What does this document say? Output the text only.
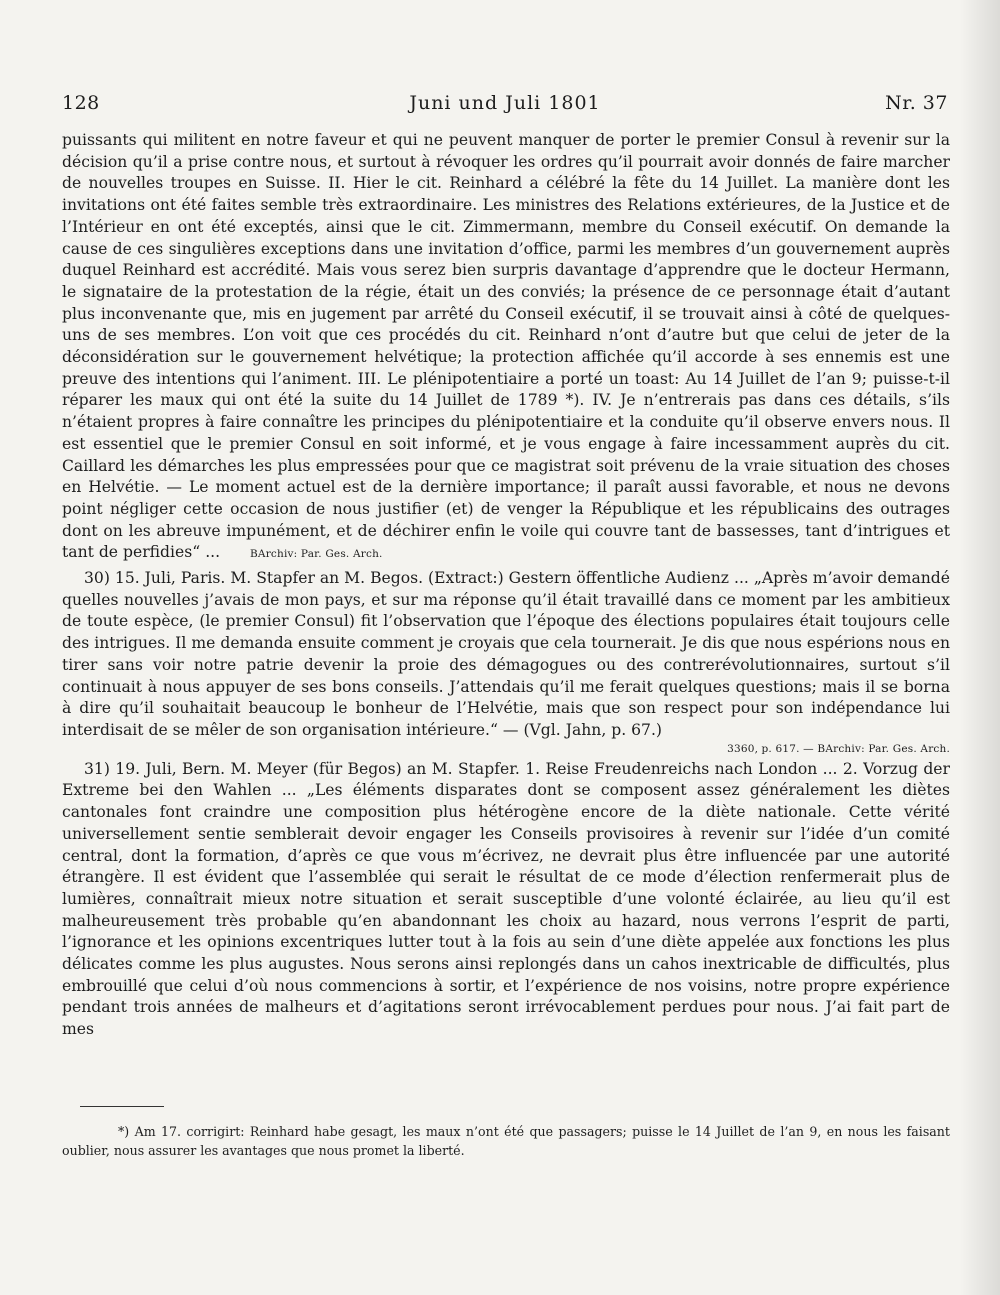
128	Juni und Juli 1801	Nr. 37

puissants qui militent en notre faveur et qui ne peuvent manquer de porter le premier Consul à revenir sur la décision qu’il a prise contre nous, et surtout à révoquer les ordres qu’il pourrait avoir donnés de faire marcher de nouvelles troupes en Suisse. II. Hier le cit. Reinhard a célébré la fête du 14 Juillet. La manière dont les invitations ont été faites semble très extraordinaire. Les ministres des Relations extérieures, de la Justice et de l’Intérieur en ont été exceptés, ainsi que le cit. Zimmermann, membre du Conseil exécutif. On demande la cause de ces singulières exceptions dans une invitation d’office, parmi les membres d’un gouvernement auprès duquel Reinhard est accrédité. Mais vous serez bien surpris davantage d’apprendre que le docteur Hermann, le signataire de la protestation de la régie, était un des conviés; la présence de ce personnage était d’autant plus inconvenante que, mis en jugement par arrêté du Conseil exécutif, il se trouvait ainsi à côté de quelques-uns de ses membres. L’on voit que ces procédés du cit. Reinhard n’ont d’autre but que celui de jeter de la déconsidération sur le gouvernement helvétique; la protection affichée qu’il accorde à ses ennemis est une preuve des intentions qui l’animent. III. Le plénipotentiaire a porté un toast: Au 14 Juillet de l’an 9; puisse-t-il réparer les maux qui ont été la suite du 14 Juillet de 1789 *). IV. Je n’entrerais pas dans ces détails, s’ils n’étaient propres à faire connaître les principes du plénipotentiaire et la conduite qu’il observe envers nous. Il est essentiel que le premier Consul en soit informé, et je vous engage à faire incessamment auprès du cit. Caillard les démarches les plus empressées pour que ce magistrat soit prévenu de la vraie situation des choses en Helvétie. — Le moment actuel est de la dernière importance; il paraît aussi favorable, et nous ne devons point négliger cette occasion de nous justifier (et) de venger la République et les républicains des outrages dont on les abreuve impunément, et de déchirer enfin le voile qui couvre tant de bassesses, tant d’intrigues et tant de perfidies“ ...	BArchiv: Par. Ges. Arch.

30) 15. Juli, Paris. M. Stapfer an M. Begos. (Extract:) Gestern öffentliche Audienz ... „Après m’avoir demandé quelles nouvelles j’avais de mon pays, et sur ma réponse qu’il était travaillé dans ce moment par les ambitieux de toute espèce, (le premier Consul) fit l’observation que l’époque des élections populaires était toujours celle des intrigues. Il me demanda ensuite comment je croyais que cela tournerait. Je dis que nous espérions nous en tirer sans voir notre patrie devenir la proie des démagogues ou des contrerévolutionnaires, surtout s’il continuait à nous appuyer de ses bons conseils. J’attendais qu’il me ferait quelques questions; mais il se borna à dire qu’il souhaitait beaucoup le bonheur de l’Helvétie, mais que son respect pour son indépendance lui interdisait de se mêler de son organisation intérieure.“ — (Vgl. Jahn, p. 67.)

3360, p. 617. — BArchiv: Par. Ges. Arch.

31) 19. Juli, Bern. M. Meyer (für Begos) an M. Stapfer. 1. Reise Freudenreichs nach London ... 2. Vorzug der Extreme bei den Wahlen ... „Les éléments disparates dont se composent assez généralement les diètes cantonales font craindre une composition plus hétérogène encore de la diète nationale. Cette vérité universellement sentie semblerait devoir engager les Conseils provisoires à revenir sur l’idée d’un comité central, dont la formation, d’après ce que vous m’écrivez, ne devrait plus être influencée par une autorité étrangère. Il est évident que l’assemblée qui serait le résultat de ce mode d’élection renfermerait plus de lumières, connaîtrait mieux notre situation et serait susceptible d’une volonté éclairée, au lieu qu’il est malheureusement très probable qu’en abandonnant les choix au hazard, nous verrons l’esprit de parti, l’ignorance et les opinions excentriques lutter tout à la fois au sein d’une diète appelée aux fonctions les plus délicates comme les plus augustes. Nous serons ainsi replongés dans un cahos inextricable de difficultés, plus embrouillé que celui d’où nous commencions à sortir, et l’expérience de nos voisins, notre propre expérience pendant trois années de malheurs et d’agitations seront irrévocablement perdues pour nous. J’ai fait part de mes

*) Am 17. corrigirt: Reinhard habe gesagt, les maux n’ont été que passagers; puisse le 14 Juillet de l’an 9, en nous les faisant oublier, nous assurer les avantages que nous promet la liberté.
